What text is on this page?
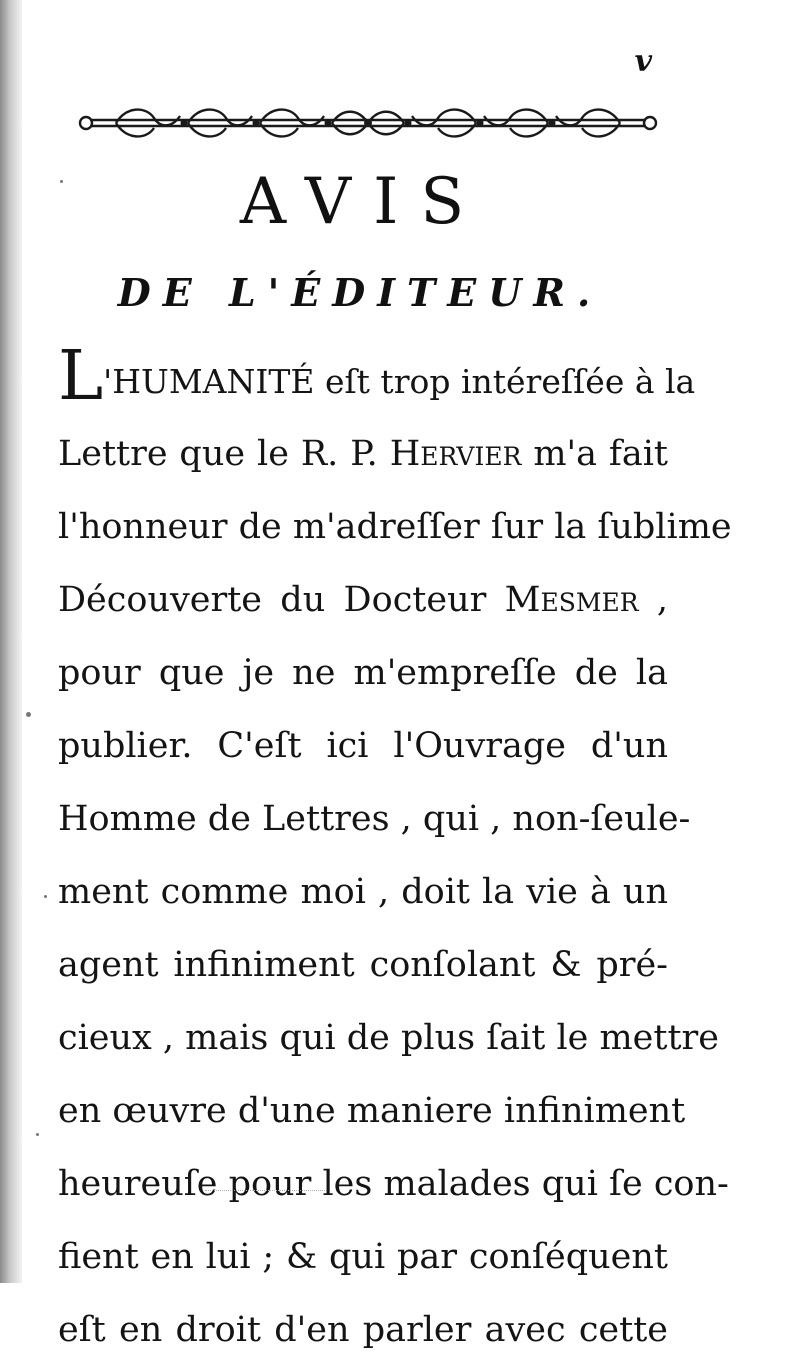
v
AVIS
DE L'ÉDITEUR.
L'HUMANITÉ eſt trop intéreſſée à la
Lettre que le R. P. Hervier m'a fait
l'honneur de m'adreſſer ſur la ſublime
Découverte du Docteur Mesmer ,
pour que je ne m'empreſſe de la
publier. C'eſt ici l'Ouvrage d'un
Homme de Lettres , qui , non-ſeule-
ment comme moi , doit la vie à un
agent infiniment conſolant & pré-
cieux , mais qui de plus ſait le mettre
en œuvre d'une maniere infiniment
heureuſe pour les malades qui ſe con-
fient en lui ; & qui par conſéquent
eſt en droit d'en parler avec cette
